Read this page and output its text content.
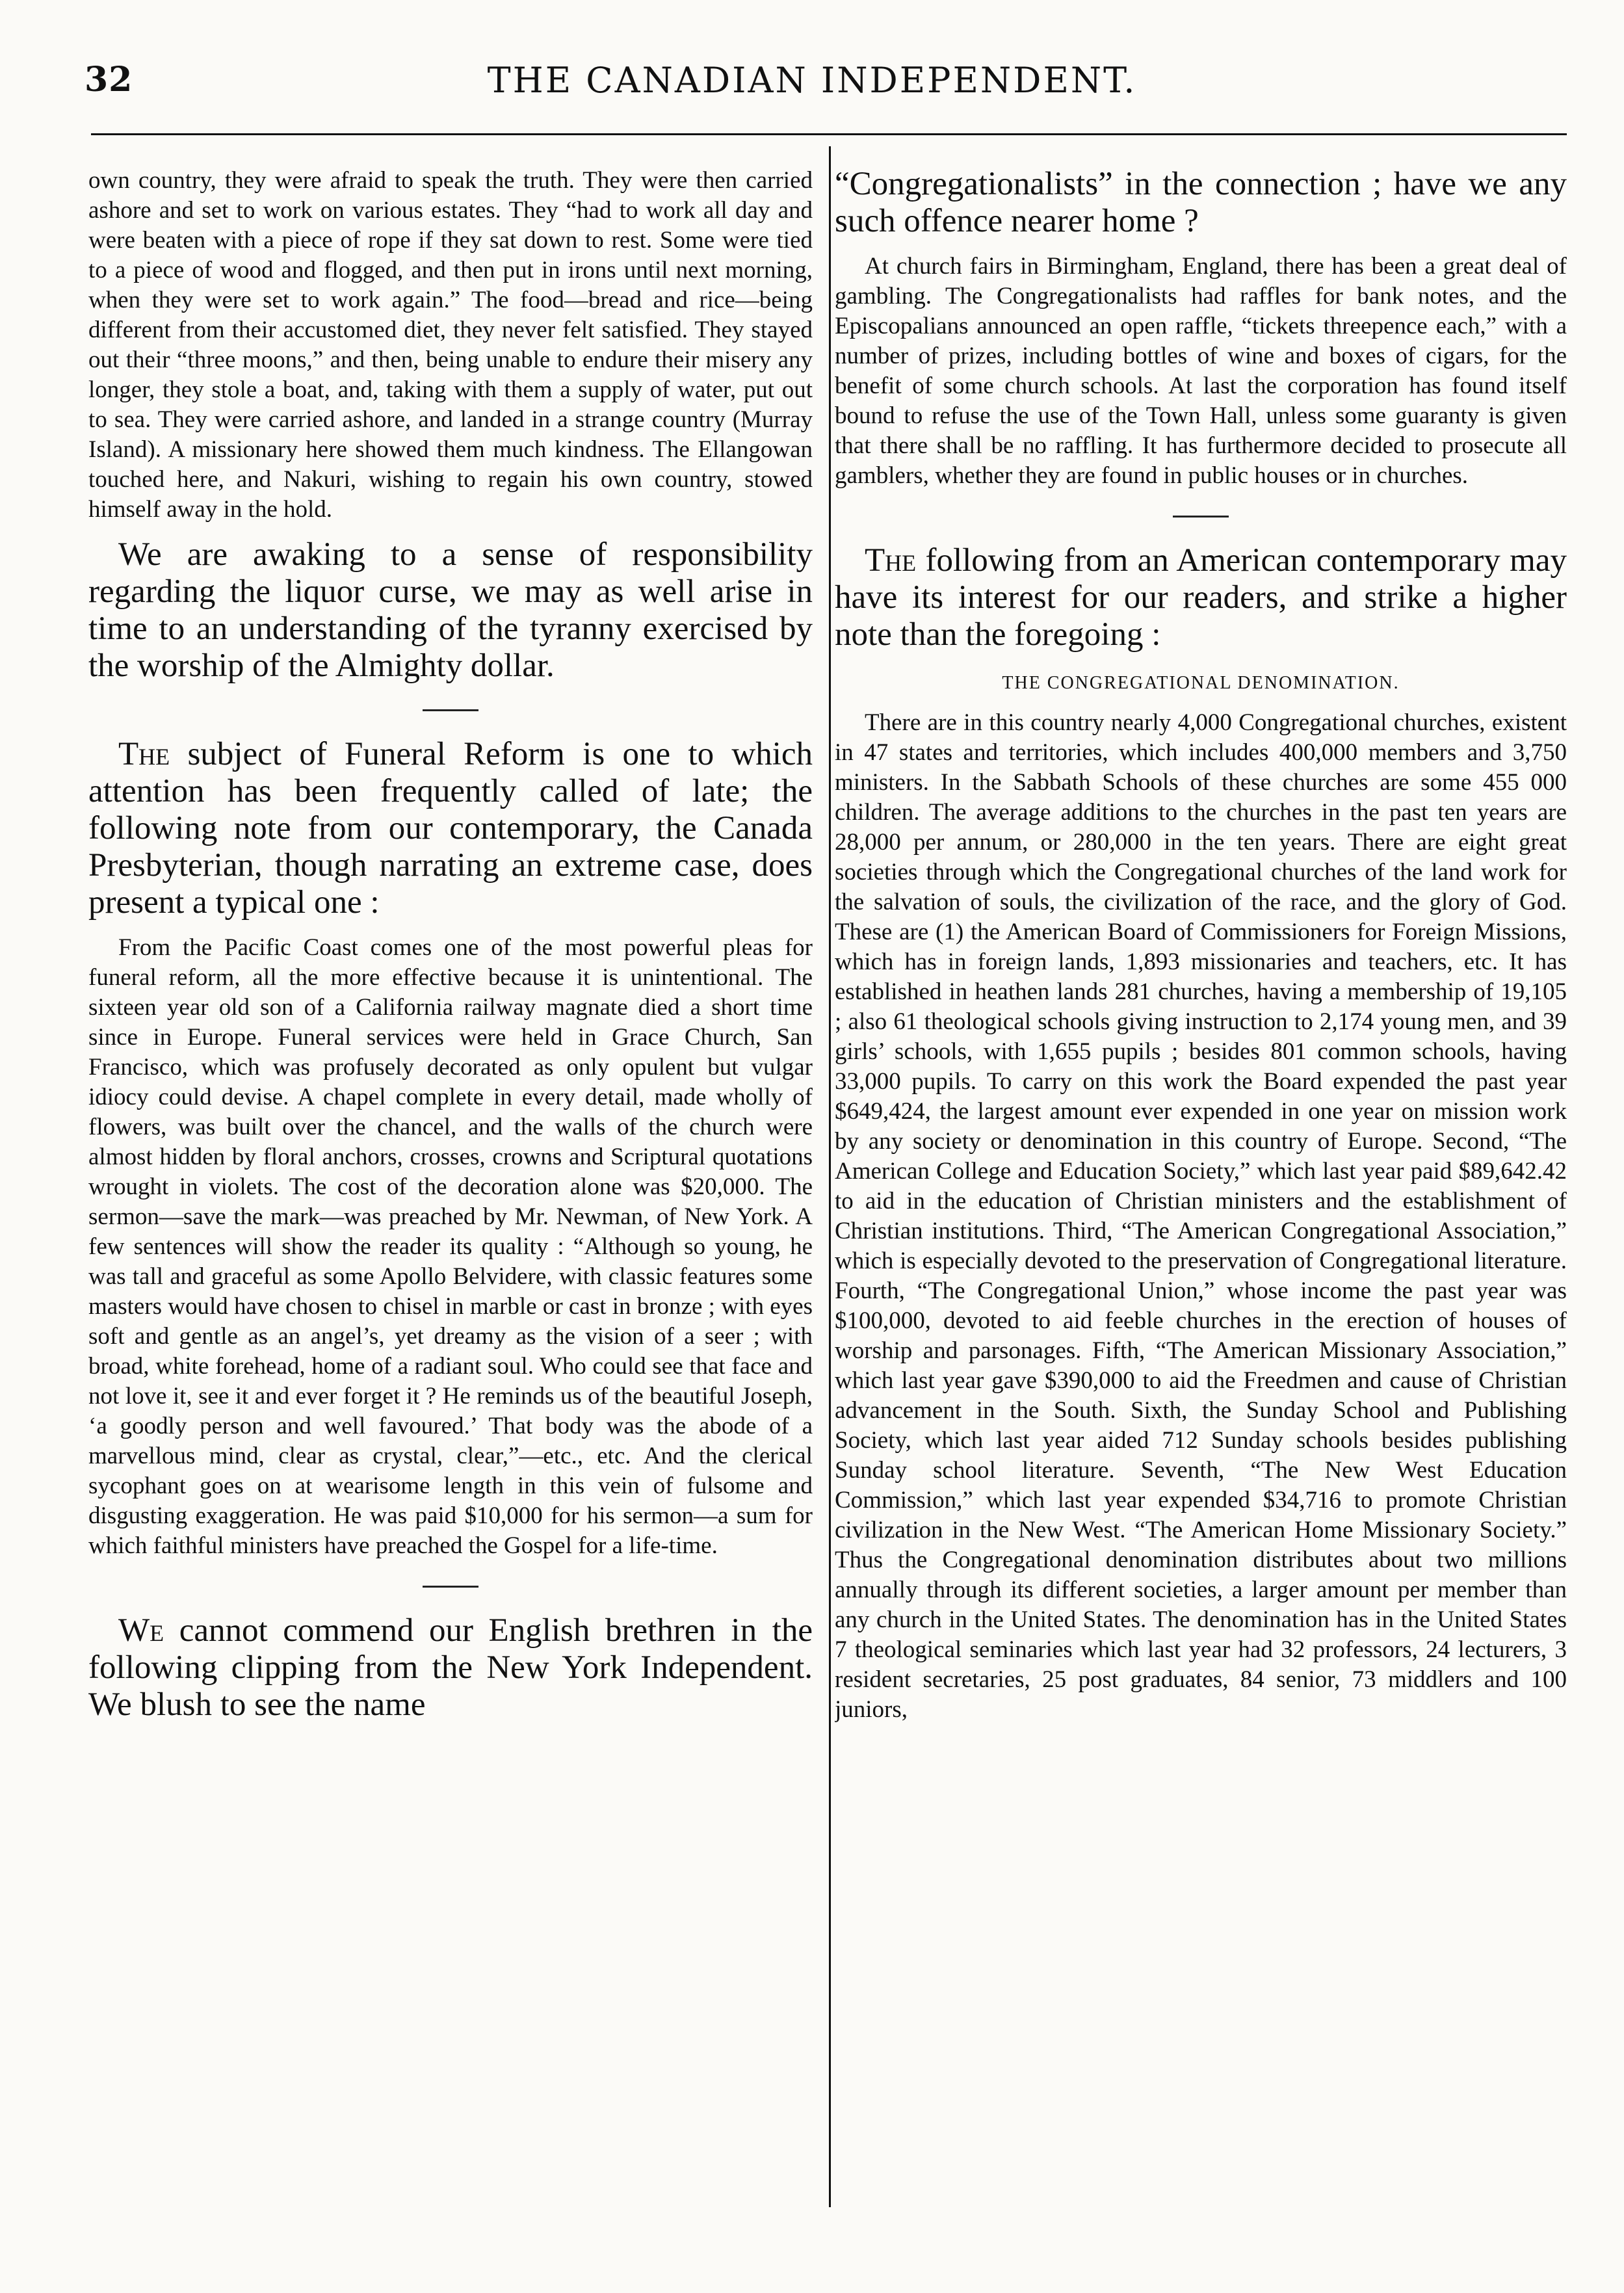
32	THE CANADIAN INDEPENDENT.

own country, they were afraid to speak the truth. They were then carried ashore and set to work on various estates. They “had to work all day and were beaten with a piece of rope if they sat down to rest. Some were tied to a piece of wood and flogged, and then put in irons until next morning, when they were set to work again.” The food—bread and rice—being different from their accustomed diet, they never felt satisfied. They stayed out their “three moons,” and then, being unable to endure their misery any longer, they stole a boat, and, taking with them a supply of water, put out to sea. They were carried ashore, and landed in a strange country (Murray Island). A missionary here showed them much kindness. The Ellangowan touched here, and Nakuri, wishing to regain his own country, stowed himself away in the hold.

We are awaking to a sense of responsibility regarding the liquor curse, we may as well arise in time to an understanding of the tyranny exercised by the worship of the Almighty dollar.

The subject of Funeral Reform is one to which attention has been frequently called of late; the following note from our contemporary, the Canada Presbyterian, though narrating an extreme case, does present a typical one :

From the Pacific Coast comes one of the most powerful pleas for funeral reform, all the more effective because it is unintentional. The sixteen year old son of a California railway magnate died a short time since in Europe. Funeral services were held in Grace Church, San Francisco, which was profusely decorated as only opulent but vulgar idiocy could devise. A chapel complete in every detail, made wholly of flowers, was built over the chancel, and the walls of the church were almost hidden by floral anchors, crosses, crowns and Scriptural quotations wrought in violets. The cost of the decoration alone was $20,000. The sermon—save the mark—was preached by Mr. Newman, of New York. A few sentences will show the reader its quality : “Although so young, he was tall and graceful as some Apollo Belvidere, with classic features some masters would have chosen to chisel in marble or cast in bronze ; with eyes soft and gentle as an angel’s, yet dreamy as the vision of a seer ; with broad, white forehead, home of a radiant soul. Who could see that face and not love it, see it and ever forget it ? He reminds us of the beautiful Joseph, ‘a goodly person and well favoured.’ That body was the abode of a marvellous mind, clear as crystal, clear,”—etc., etc. And the clerical sycophant goes on at wearisome length in this vein of fulsome and disgusting exaggeration. He was paid $10,000 for his sermon—a sum for which faithful ministers have preached the Gospel for a life-time.

We cannot commend our English brethren in the following clipping from the New York Independent. We blush to see the name

“Congregationalists” in the connection ; have we any such offence nearer home ?

At church fairs in Birmingham, England, there has been a great deal of gambling. The Congregationalists had raffles for bank notes, and the Episcopalians announced an open raffle, “tickets threepence each,” with a number of prizes, including bottles of wine and boxes of cigars, for the benefit of some church schools. At last the corporation has found itself bound to refuse the use of the Town Hall, unless some guaranty is given that there shall be no raffling. It has furthermore decided to prosecute all gamblers, whether they are found in public houses or in churches.

The following from an American contemporary may have its interest for our readers, and strike a higher note than the foregoing :

THE CONGREGATIONAL DENOMINATION.

There are in this country nearly 4,000 Congregational churches, existent in 47 states and territories, which includes 400,000 members and 3,750 ministers. In the Sabbath Schools of these churches are some 455 000 children. The average additions to the churches in the past ten years are 28,000 per annum, or 280,000 in the ten years. There are eight great societies through which the Congregational churches of the land work for the salvation of souls, the civilization of the race, and the glory of God. These are (1) the American Board of Commissioners for Foreign Missions, which has in foreign lands, 1,893 missionaries and teachers, etc. It has established in heathen lands 281 churches, having a membership of 19,105 ; also 61 theological schools giving instruction to 2,174 young men, and 39 girls’ schools, with 1,655 pupils ; besides 801 common schools, having 33,000 pupils. To carry on this work the Board expended the past year $649,424, the largest amount ever expended in one year on mission work by any society or denomination in this country of Europe. Second, “The American College and Education Society,” which last year paid $89,642.42 to aid in the education of Christian ministers and the establishment of Christian institutions. Third, “The American Congregational Association,” which is especially devoted to the preservation of Congregational literature. Fourth, “The Congregational Union,” whose income the past year was $100,000, devoted to aid feeble churches in the erection of houses of worship and parsonages. Fifth, “The American Missionary Association,” which last year gave $390,000 to aid the Freedmen and cause of Christian advancement in the South. Sixth, the Sunday School and Publishing Society, which last year aided 712 Sunday schools besides publishing Sunday school literature. Seventh, “The New West Education Commission,” which last year expended $34,716 to promote Christian civilization in the New West. “The American Home Missionary Society.” Thus the Congregational denomination distributes about two millions annually through its different societies, a larger amount per member than any church in the United States. The denomination has in the United States 7 theological seminaries which last year had 32 professors, 24 lecturers, 3 resident secretaries, 25 post graduates, 84 senior, 73 middlers and 100 juniors,
